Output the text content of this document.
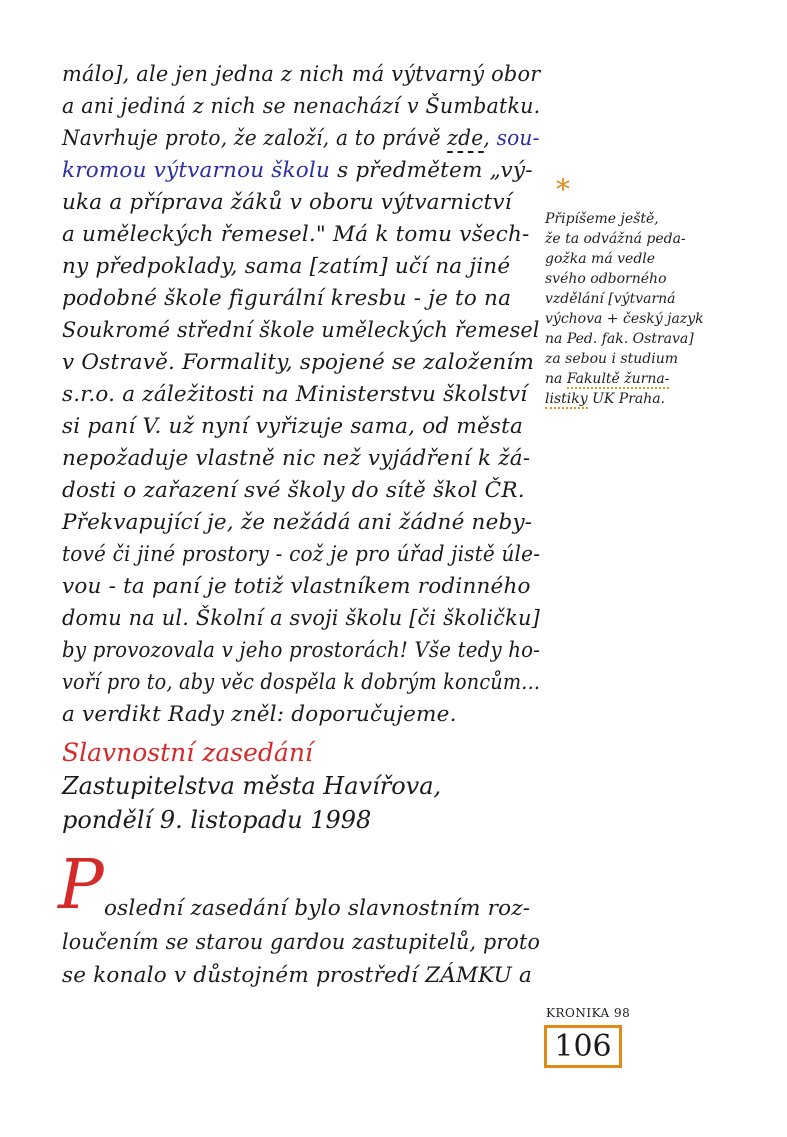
málo], ale jen jedna z nich má výtvarný obor
a ani jediná z nich se nenachází v Šumbatku.
Navrhuje proto, že založí, a to právě zde, sou-
kromou výtvarnou školu s předmětem „vý-
uka a příprava žáků v oboru výtvarnictví
a uměleckých řemesel." Má k tomu všech-
ny předpoklady, sama [zatím] učí na jiné
podobné škole figurální kresbu - je to na
Soukromé střední škole uměleckých řemesel
v Ostravě. Formality, spojené se založením
s.r.o. a záležitosti na Ministerstvu školství
si paní V. už nyní vyřizuje sama, od města
nepožaduje vlastně nic než vyjádření k žá-
dosti o zařazení své školy do sítě škol ČR.
Překvapující je, že nežádá ani žádné neby-
tové či jiné prostory - což je pro úřad jistě úle-
vou - ta paní je totiž vlastníkem rodinného
domu na ul. Školní a svoji školu [či školičku]
by provozovala v jeho prostorách! Vše tedy ho-
voří pro to, aby věc dospěla k dobrým koncům...
a verdikt Rady zněl: doporučujeme.
*
Připíšeme ještě,
že ta odvážná peda-
gožka má vedle
svého odborného
vzdělání [výtvarná
výchova + český jazyk
na Ped. fak. Ostrava]
za sebou i studium
na Fakultě žurna-
listiky UK Praha.
Slavnostní zasedání
Zastupitelstva města Havířova,
pondělí 9. listopadu 1998
P oslední zasedání bylo slavnostním roz-
loučením se starou gardou zastupitelů, proto
se konalo v důstojném prostředí ZÁMKU a
KRONIKA 98
106
